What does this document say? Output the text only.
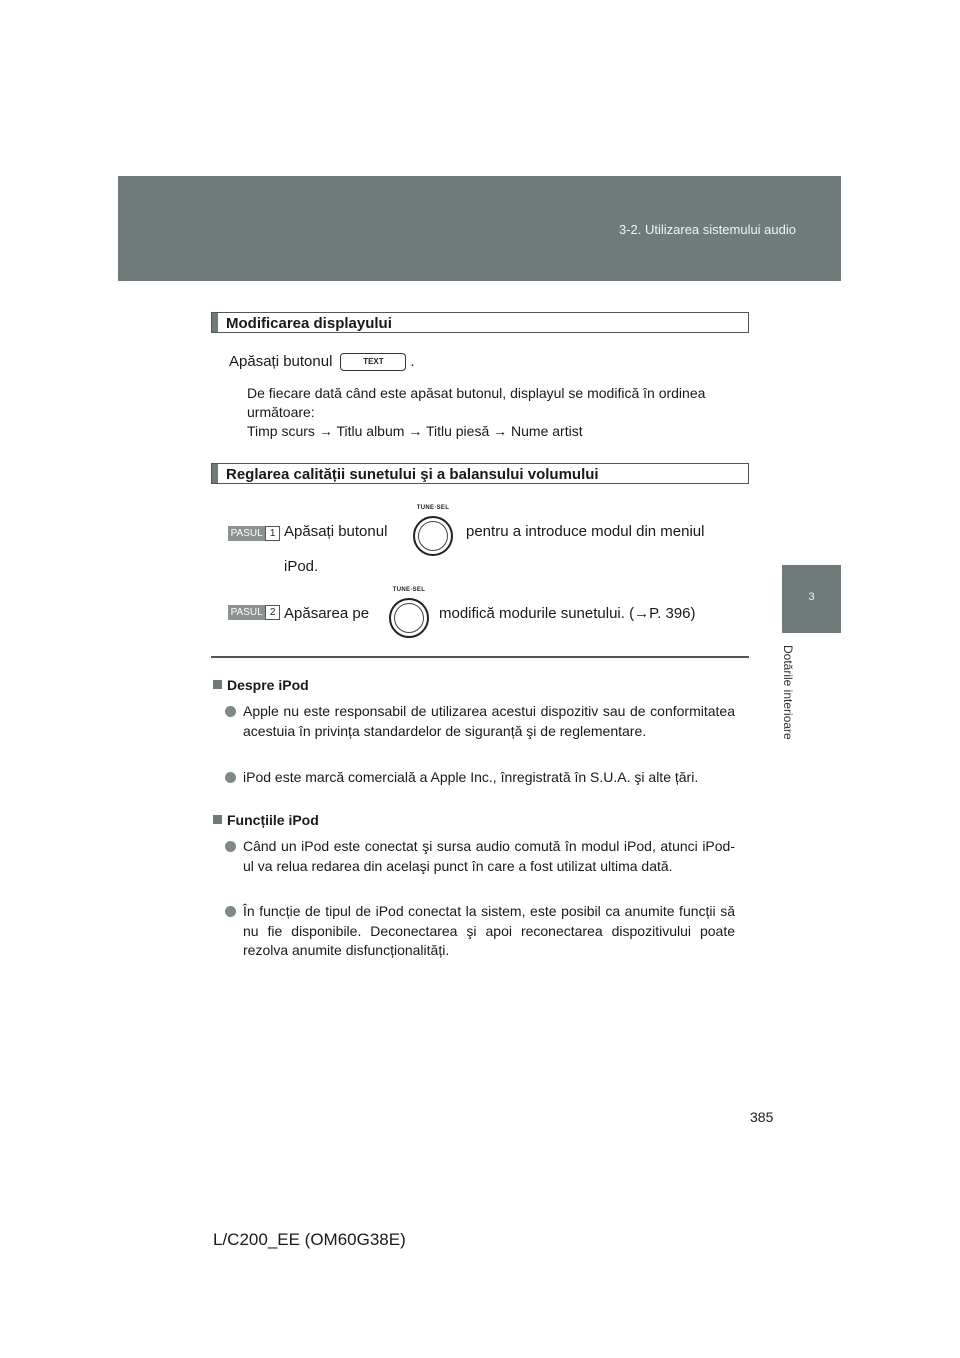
3-2. Utilizarea sistemului audio
3
Dotările interioare
Modificarea displayului
Apăsați butonul	TEXT .
De fiecare dată când este apăsat butonul, displayul se modifică în ordinea
următoare:
Timp scurs → Titlu album → Titlu piesă → Nume artist
Reglarea calității sunetului şi a balansului volumului
PASUL 1 Apăsați butonul
TUNE·SEL
pentru a introduce modul din meniul
iPod.
PASUL 2 Apăsarea pe
TUNE·SEL
modifică modurile sunetului. (→P. 396)
Despre iPod
Apple nu este responsabil de utilizarea acestui dispozitiv sau de conformitatea acestuia în privința standardelor de siguranță şi de reglementare.
iPod este marcă comercială a Apple Inc., înregistrată în S.U.A. şi alte țări.
Funcțiile iPod
Când un iPod este conectat şi sursa audio comută în modul iPod, atunci iPod-ul va relua redarea din acelaşi punct în care a fost utilizat ultima dată.
În funcție de tipul de iPod conectat la sistem, este posibil ca anumite funcții să nu fie disponibile. Deconectarea şi apoi reconectarea dispozitivului poate rezolva anumite disfuncționalități.
385
L/C200_EE (OM60G38E)
